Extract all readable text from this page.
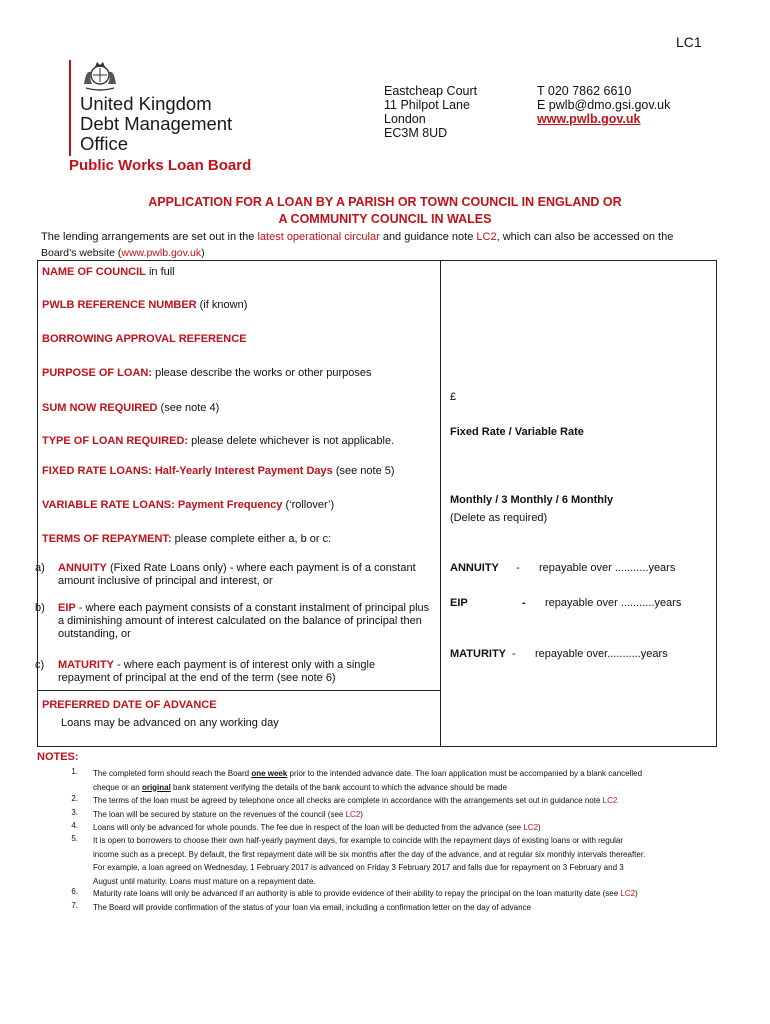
LC1
United Kingdom
Debt Management
Office
Public Works Loan Board
Eastcheap Court
11 Philpot Lane
London
EC3M 8UD
T 020 7862 6610
E pwlb@dmo.gsi.gov.uk
www.pwlb.gov.uk
APPLICATION FOR A LOAN BY A PARISH OR TOWN COUNCIL IN ENGLAND OR
A COMMUNITY COUNCIL IN WALES
The lending arrangements are set out in the latest operational circular and guidance note LC2, which can also be accessed on the
Board’s website (www.pwlb.gov.uk)
NAME OF COUNCIL in full
PWLB REFERENCE NUMBER (if known)
BORROWING APPROVAL REFERENCE
PURPOSE OF LOAN: please describe the works or other purposes
SUM NOW REQUIRED (see note 4)
£
TYPE OF LOAN REQUIRED: please delete whichever is not applicable.
Fixed Rate / Variable Rate
FIXED RATE LOANS: Half-Yearly Interest Payment Days (see note 5)
VARIABLE RATE LOANS: Payment Frequency (‘rollover’)	Monthly / 3 Monthly / 6 Monthly
(Delete as required)
TERMS OF REPAYMENT: please complete either a, b or c:
a) ANNUITY (Fixed Rate Loans only) - where each payment is of a constant
amount inclusive of principal and interest, or
ANNUITY - repayable over ...........years
b) EIP - where each payment consists of a constant instalment of principal plus
a diminishing amount of interest calculated on the balance of principal then
outstanding, or
EIP	- repayable over ...........years
c) MATURITY - where each payment is of interest only with a single
repayment of principal at the end of the term (see note 6)
MATURITY - repayable over...........years
PREFERRED DATE OF ADVANCE
Loans may be advanced on any working day
NOTES:
1. The completed form should reach the Board one week prior to the intended advance date. The loan application must be accompanied by a blank cancelled
cheque or an original bank statement verifying the details of the bank account to which the advance should be made
2. The terms of the loan must be agreed by telephone once all checks are complete in accordance with the arrangements set out in guidance note LC2
3. The loan will be secured by stature on the revenues of the council (see LC2)
4. Loans will only be advanced for whole pounds. The fee due in respect of the loan will be deducted from the advance (see LC2)
5. It is open to borrowers to choose their own half-yearly payment days, for example to coincide with the repayment days of existing loans or with regular
income such as a precept. By default, the first repayment date will be six months after the day of the advance, and at regular six monthly intervals thereafter.
For example, a loan agreed on Wednesday, 1 February 2017 is advanced on Friday 3 February 2017 and falls due for repayment on 3 February and 3
August until maturity. Loans must mature on a repayment date.
6. Maturity rate loans will only be advanced if an authority is able to provide evidence of their ability to repay the principal on the loan maturity date (see LC2)
7. The Board will provide confirmation of the status of your loan via email, including a confirmation letter on the day of advance
